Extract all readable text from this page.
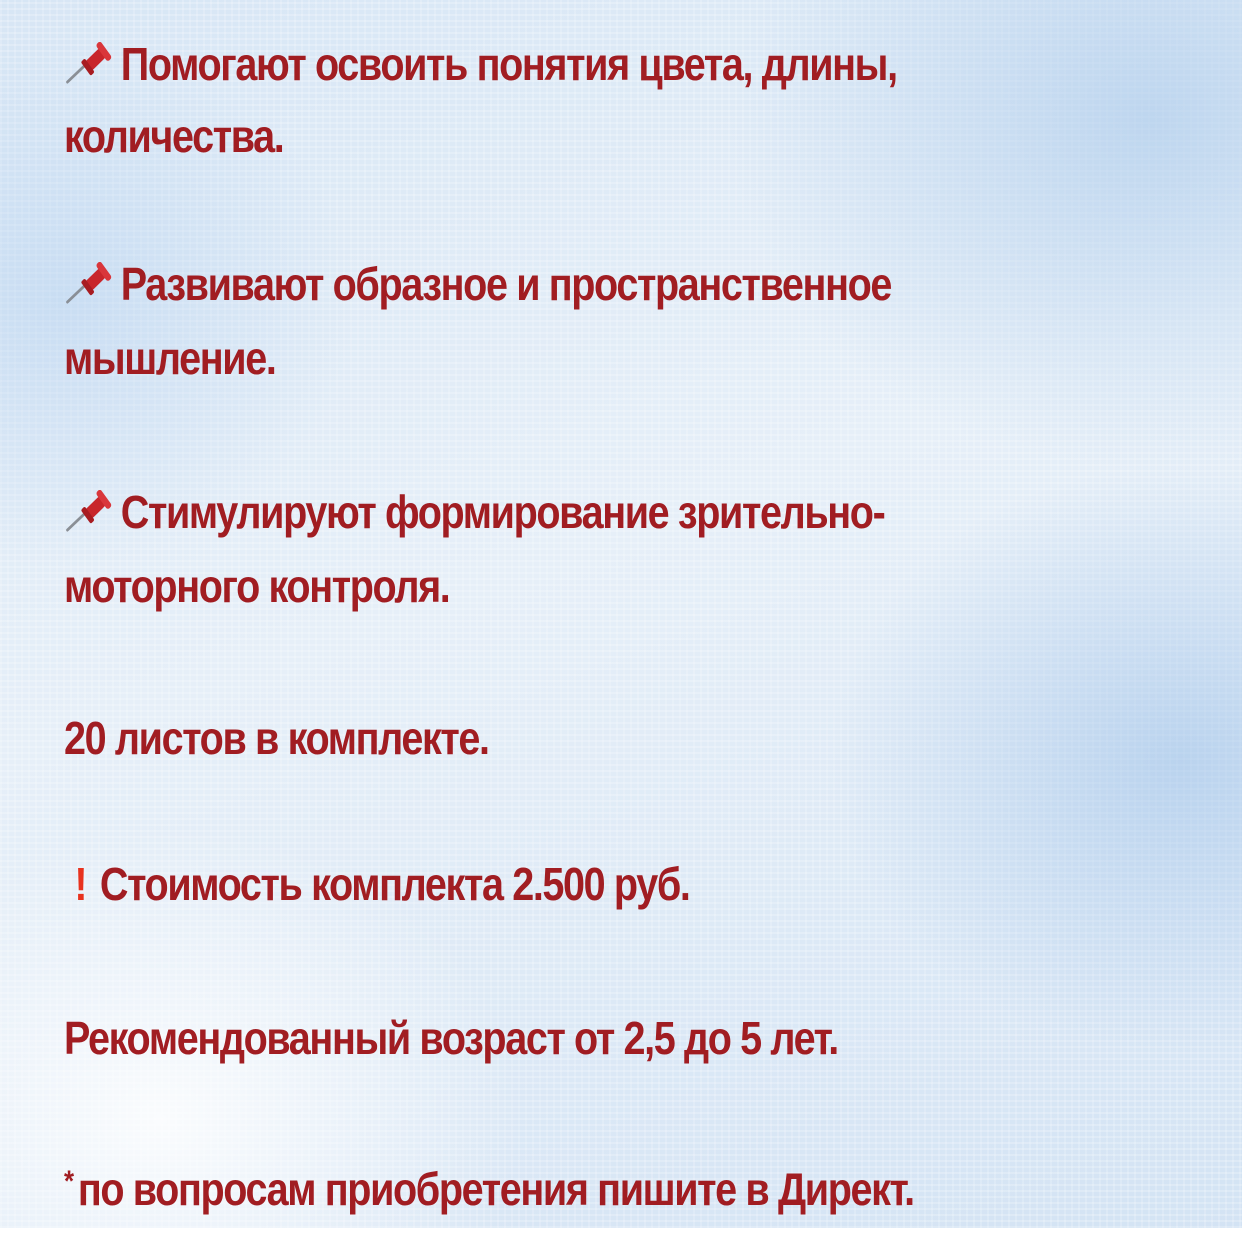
Помогают освоить понятия цвета, длины,

количества.

Развивают образное и пространственное

мышление.

Стимулируют формирование зрительно-

моторного контроля.

20 листов в комплекте.

! Стоимость комплекта 2.500 руб.

Рекомендованный возраст от 2,5 до 5 лет.

* по вопросам приобретения пишите в Директ.
